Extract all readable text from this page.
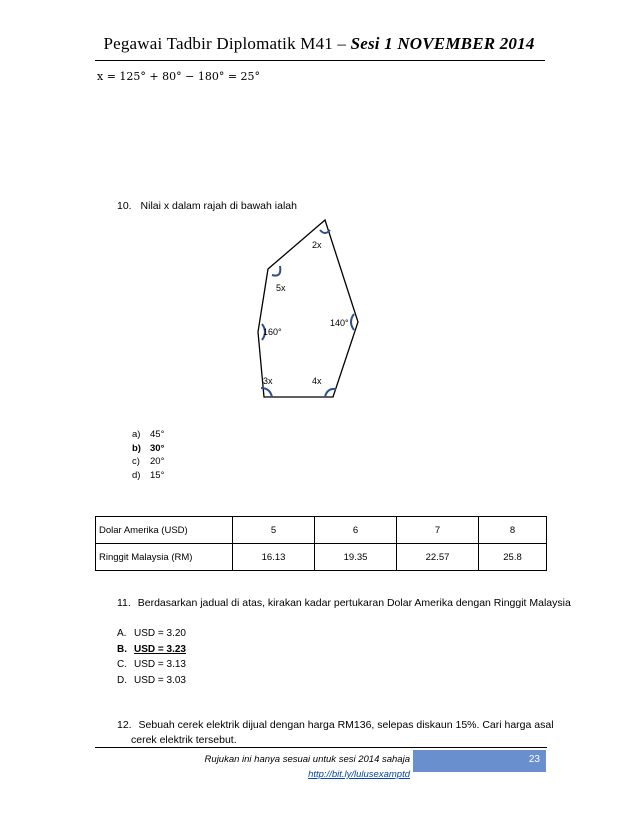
Pegawai Tadbir Diplomatik M41 – Sesi 1 NOVEMBER 2014
x = 125° + 80° − 180° = 25°
10. Nilai x dalam rajah di bawah ialah
2x
5x
160°
140°
3x	4x
a) 45°
b) 30°
c) 20°
d) 15°
Dolar Amerika (USD)	5	6	7	8
Ringgit Malaysia (RM)	16.13	19.35	22.57	25.8
11. Berdasarkan jadual di atas, kirakan kadar pertukaran Dolar Amerika dengan Ringgit Malaysia
A. USD = 3.20
B. USD = 3.23
C. USD = 3.13
D. USD = 3.03
12. Sebuah cerek elektrik dijual dengan harga RM136, selepas diskaun 15%. Cari harga asal
cerek elektrik tersebut.
Rujukan ini hanya sesuai untuk sesi 2014 sahaja
http://bit.ly/lulusexamptd
23
